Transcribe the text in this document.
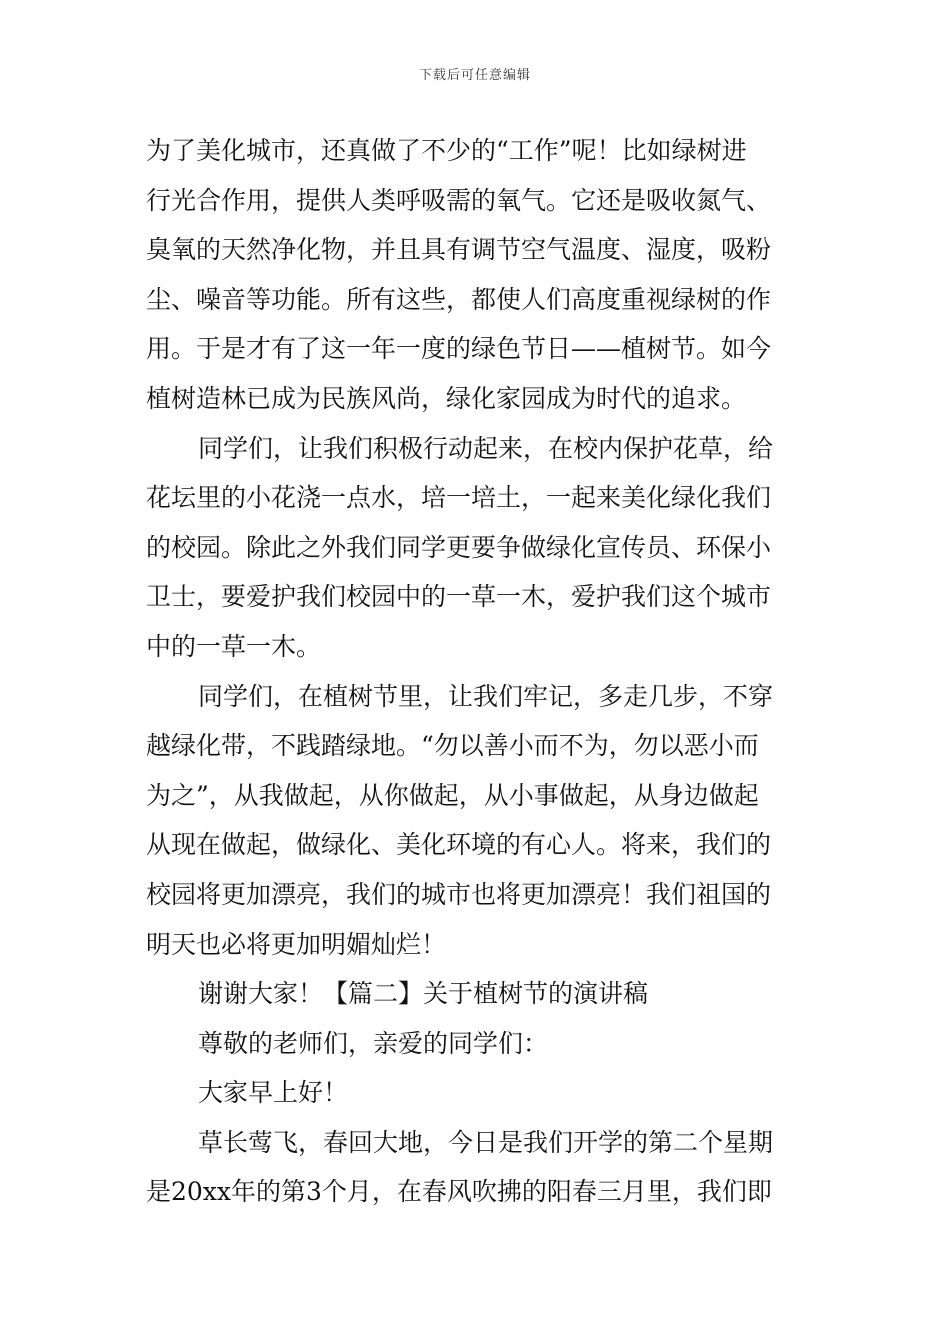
下载后可任意编辑
为了美化城市，还真做了不少的“工作”呢！比如绿树进
行光合作用，提供人类呼吸需的氧气。它还是吸收氮气、
臭氧的天然净化物，并且具有调节空气温度、湿度，吸粉
尘、噪音等功能。所有这些，都使人们高度重视绿树的作
用。于是才有了这一年一度的绿色节日——植树节。如今
植树造林已成为民族风尚，绿化家园成为时代的追求。
同学们，让我们积极行动起来，在校内保护花草，给
花坛里的小花浇一点水，培一培土，一起来美化绿化我们
的校园。除此之外我们同学更要争做绿化宣传员、环保小
卫士，要爱护我们校园中的一草一木，爱护我们这个城市
中的一草一木。
同学们，在植树节里，让我们牢记，多走几步，不穿
越绿化带，不践踏绿地。“勿以善小而不为，勿以恶小而
为之”，从我做起，从你做起，从小事做起，从身边做起
从现在做起，做绿化、美化环境的有心人。将来，我们的
校园将更加漂亮，我们的城市也将更加漂亮！我们祖国的
明天也必将更加明媚灿烂！
谢谢大家！【篇二】关于植树节的演讲稿
尊敬的老师们，亲爱的同学们：
大家早上好！
草长莺飞，春回大地，今日是我们开学的第二个星期
是20xx年的第3个月，在春风吹拂的阳春三月里，我们即
